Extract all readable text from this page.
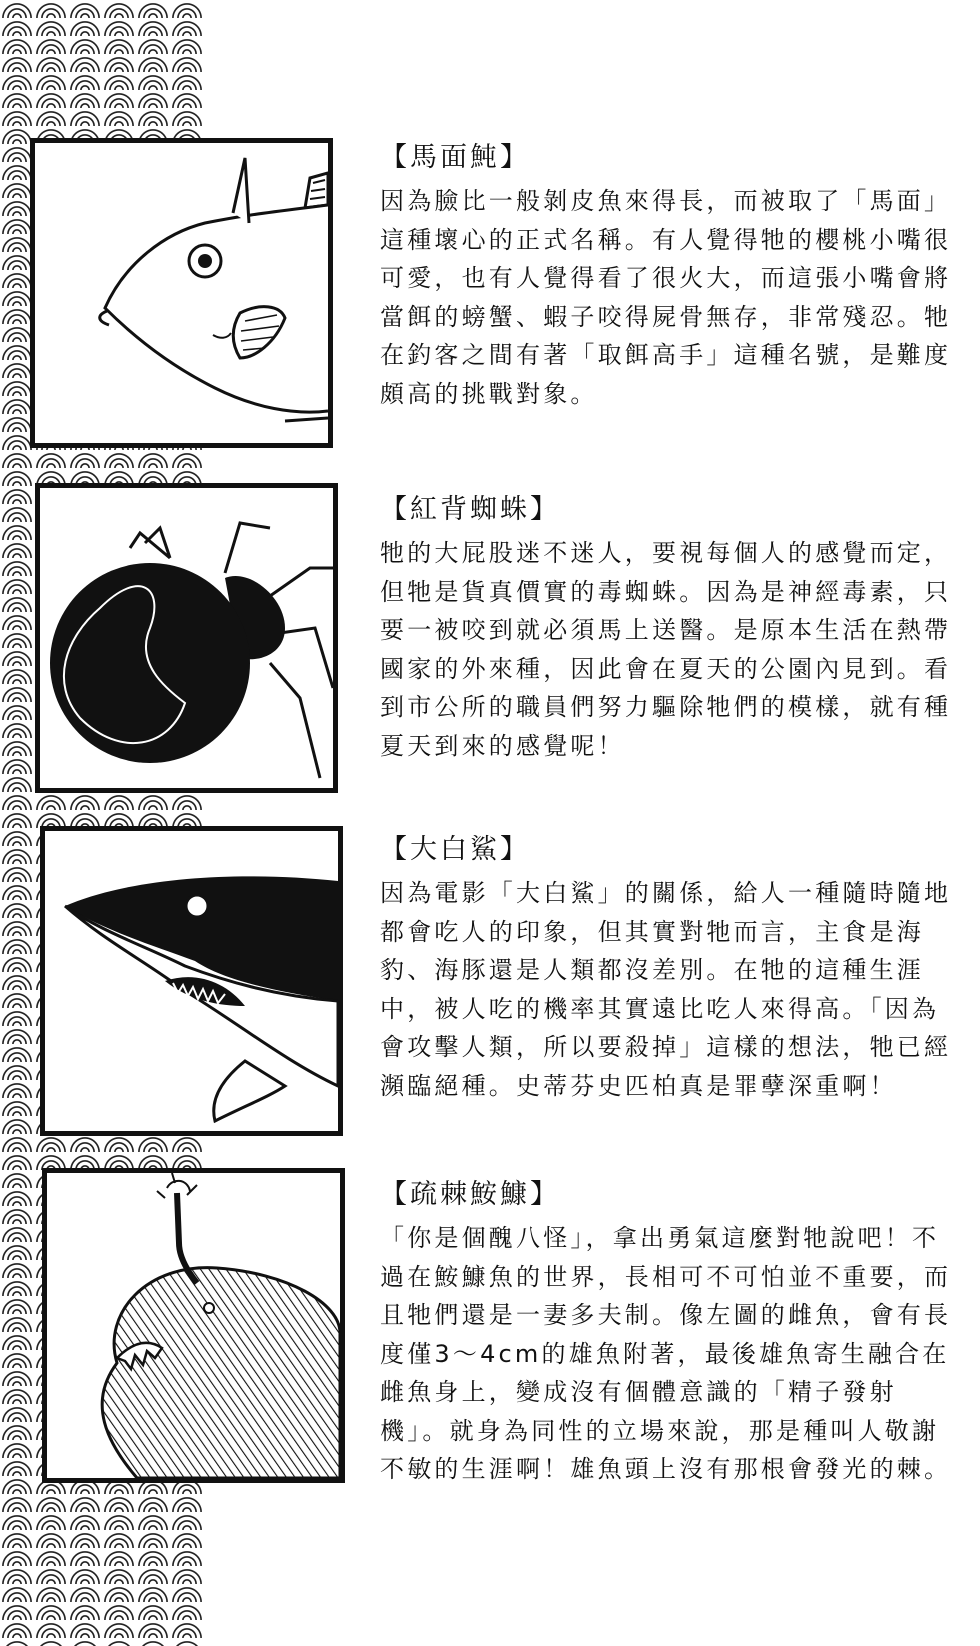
【馬面魨】

因為臉比一般剝皮魚來得長，而被取了「馬面」這種壞心的正式名稱。有人覺得牠的櫻桃小嘴很可愛，也有人覺得看了很火大，而這張小嘴會將當餌的螃蟹、蝦子咬得屍骨無存，非常殘忍。牠在釣客之間有著「取餌高手」這種名號，是難度頗高的挑戰對象。

【紅背蜘蛛】

牠的大屁股迷不迷人，要視每個人的感覺而定，但牠是貨真價實的毒蜘蛛。因為是神經毒素，只要一被咬到就必須馬上送醫。是原本生活在熱帶國家的外來種，因此會在夏天的公園內見到。看到市公所的職員們努力驅除牠們的模樣，就有種夏天到來的感覺呢！

【大白鯊】

因為電影「大白鯊」的關係，給人一種隨時隨地都會吃人的印象，但其實對牠而言，主食是海豹、海豚還是人類都沒差別。在牠的這種生涯中，被人吃的機率其實遠比吃人來得高。「因為會攻擊人類，所以要殺掉」這樣的想法，牠已經瀕臨絕種。史蒂芬史匹柏真是罪孽深重啊！

【疏棘鮟鱇】

「你是個醜八怪」，拿出勇氣這麼對牠說吧！不過在鮟鱇魚的世界，長相可不可怕並不重要，而且牠們還是一妻多夫制。像左圖的雌魚，會有長度僅3～4cm的雄魚附著，最後雄魚寄生融合在雌魚身上，變成沒有個體意識的「精子發射機」。就身為同性的立場來說，那是種叫人敬謝不敏的生涯啊！雄魚頭上沒有那根會發光的棘。
